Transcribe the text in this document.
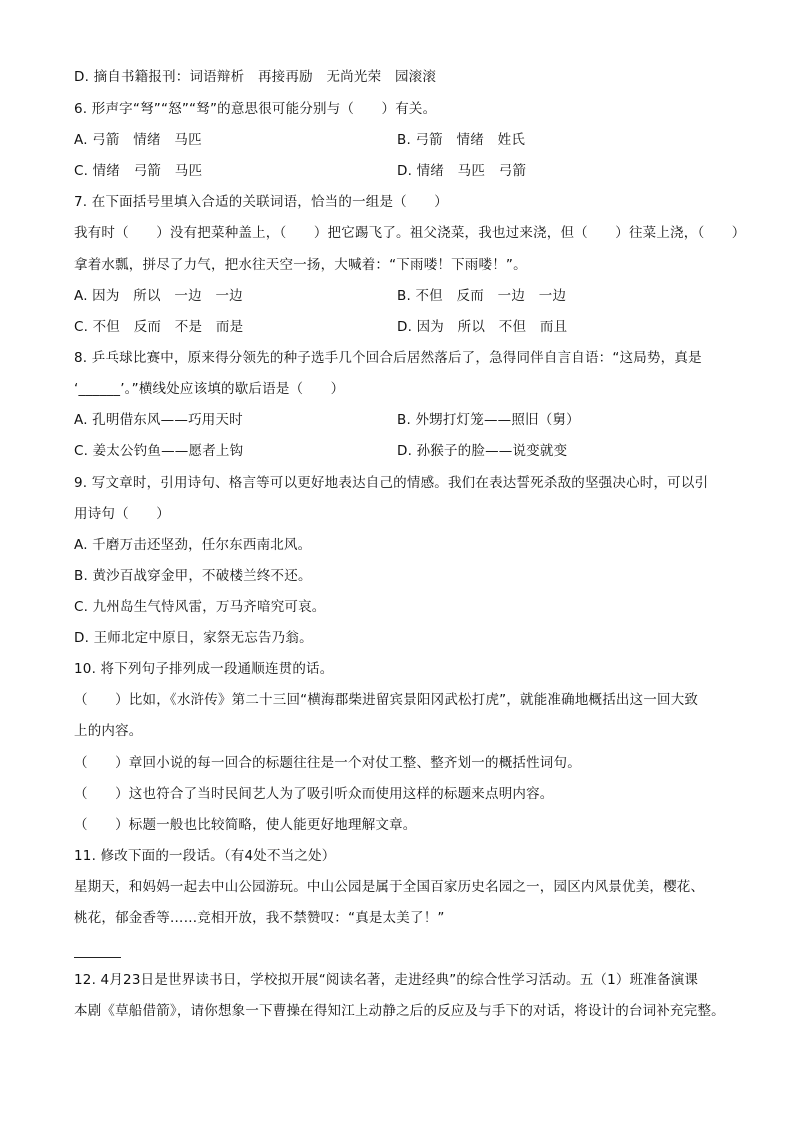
D. 摘自书籍报刊：词语辩析　再接再励　无尚光荣　园滚滚
6. 形声字“弩”“怒”“驽”的意思很可能分别与（　　）有关。
A. 弓箭　情绪　马匹	B. 弓箭　情绪　姓氏
C. 情绪　弓箭　马匹	D. 情绪　马匹　弓箭
7. 在下面括号里填入合适的关联词语，恰当的一组是（　　）
我有时（　　）没有把菜种盖上，（　　）把它踢飞了。祖父浇菜，我也过来浇，但（　　）往菜上浇，（　　）
拿着水瓢，拼尽了力气，把水往天空一扬，大喊着：“下雨喽！下雨喽！”。
A. 因为　所以　一边　一边	B. 不但　反而　一边　一边
C. 不但　反而　不是　而是	D. 因为　所以　不但　而且
8. 乒乓球比赛中，原来得分领先的种子选手几个回合后居然落后了，急得同伴自言自语：“这局势，真是
‘______’。”横线处应该填的歇后语是（　　）
A. 孔明借东风——巧用天时	B. 外甥打灯笼——照旧（舅）
C. 姜太公钓鱼——愿者上钩	D. 孙猴子的脸——说变就变
9. 写文章时，引用诗句、格言等可以更好地表达自己的情感。我们在表达誓死杀敌的坚强决心时，可以引
用诗句（　　）
A. 千磨万击还坚劲，任尔东西南北风。
B. 黄沙百战穿金甲，不破楼兰终不还。
C. 九州岛生气恃风雷，万马齐喑究可哀。
D. 王师北定中原日，家祭无忘告乃翁。
10. 将下列句子排列成一段通顺连贯的话。
（　　）比如，《水浒传》第二十三回“横海郡柴进留宾景阳冈武松打虎”，就能准确地概括出这一回大致
上的内容。
（　　）章回小说的每一回合的标题往往是一个对仗工整、整齐划一的概括性词句。
（　　）这也符合了当时民间艺人为了吸引听众而使用这样的标题来点明内容。
（　　）标题一般也比较简略，使人能更好地理解文章。
11. 修改下面的一段话。（有4处不当之处）
星期天，和妈妈一起去中山公园游玩。中山公园是属于全国百家历史名园之一，园区内风景优美，樱花、
桃花，郁金香等……竞相开放，我不禁赞叹：“真是太美了！”
12. 4月23日是世界读书日，学校拟开展“阅读名著，走进经典”的综合性学习活动。五（1）班准备演课
本剧《草船借箭》，请你想象一下曹操在得知江上动静之后的反应及与手下的对话，将设计的台词补充完整。
